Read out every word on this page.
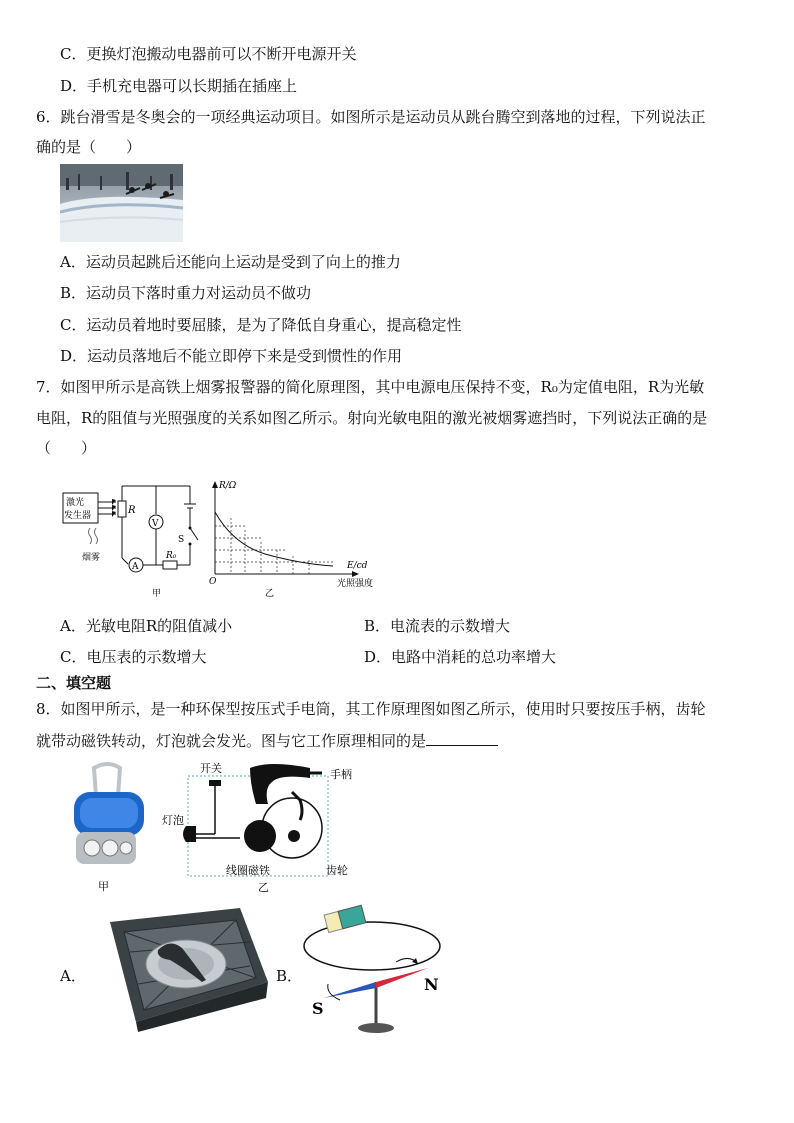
C．更换灯泡搬动电器前可以不断开电源开关
D．手机充电器可以长期插在插座上
6．跳台滑雪是冬奥会的一项经典运动项目。如图所示是运动员从跳台腾空到落地的过程，下列说法正
确的是（　　）
A．运动员起跳后还能向上运动是受到了向上的推力
B．运动员下落时重力对运动员不做功
C．运动员着地时要屈膝，是为了降低自身重心，提高稳定性
D．运动员落地后不能立即停下来是受到惯性的作用
7．如图甲所示是高铁上烟雾报警器的简化原理图，其中电源电压保持不变，R₀为定值电阻，R为光敏
电阻，R的阻值与光照强度的关系如图乙所示。射向光敏电阻的激光被烟雾遮挡时，下列说法正确的是
（　　）
激光
发生器
烟雾
R
V
A
S
R₀
甲
R/Ω
E/cd
光照强度
O
乙
A．光敏电阻R的阻值减小	B．电流表的示数增大
C．电压表的示数增大	D．电路中消耗的总功率增大
二、填空题
8．如图甲所示，是一种环保型按压式手电筒，其工作原理图如图乙所示，使用时只要按压手柄，齿轮
就带动磁铁转动，灯泡就会发光。图与它工作原理相同的是
甲
开关	手柄
灯泡
线圈磁铁	齿轮
乙
A．	B．
S
N
